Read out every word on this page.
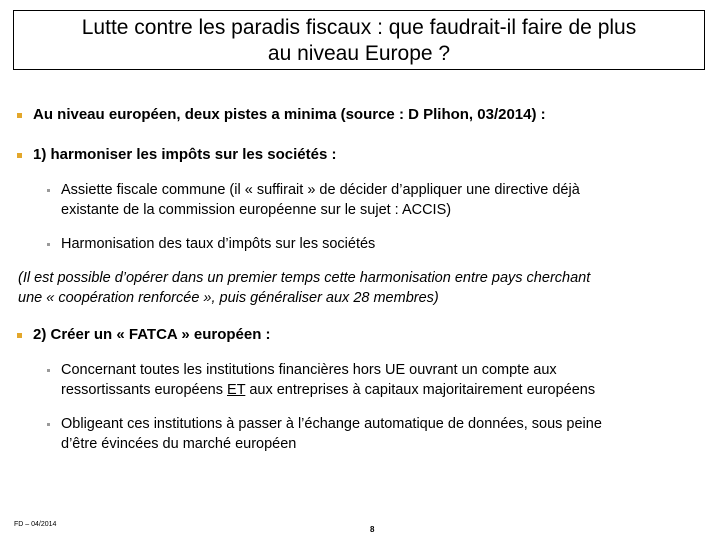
Lutte contre les paradis fiscaux : que faudrait-il faire de plus
au niveau Europe ?
Au niveau européen, deux pistes a minima (source : D Plihon, 03/2014) :
1) harmoniser les impôts sur les sociétés :
Assiette fiscale commune (il « suffirait » de décider d’appliquer une directive déjà
existante de la commission européenne sur le sujet : ACCIS)
Harmonisation des taux d’impôts sur les sociétés
(Il est possible d’opérer dans un premier temps cette harmonisation entre pays cherchant
une « coopération renforcée », puis généraliser aux 28 membres)
2) Créer un « FATCA » européen :
Concernant toutes les institutions financières hors UE ouvrant un compte aux
ressortissants européens ET aux entreprises à capitaux majoritairement européens
Obligeant ces institutions à passer à l’échange automatique de données, sous peine
d’être évincées du marché européen
FD – 04/2014
8
